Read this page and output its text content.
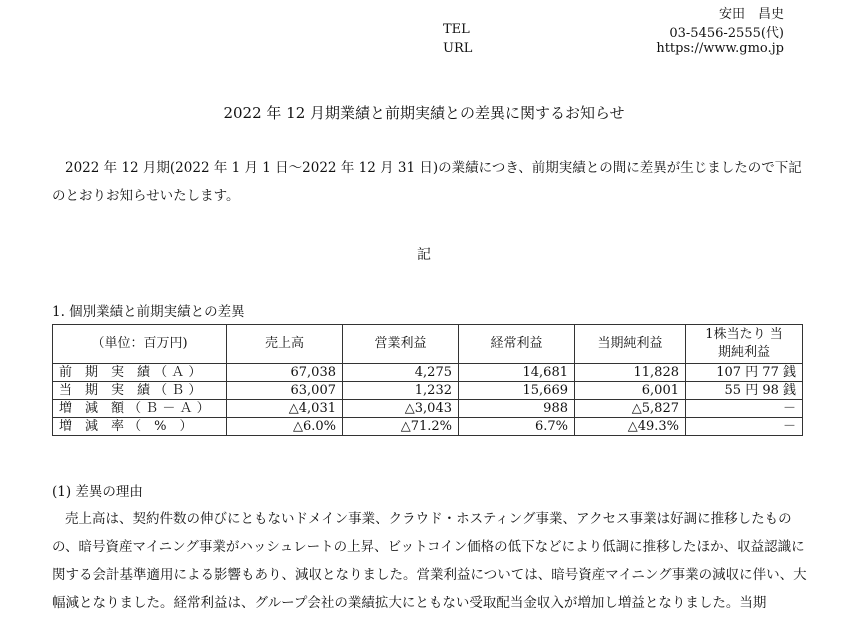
安田　昌史
TEL	03-5456-2555(代)
URL	https://www.gmo.jp
2022 年 12 月期業績と前期実績との差異に関するお知らせ
2022 年 12 月期(2022 年 1 月 1 日～2022 年 12 月 31 日)の業績につき、前期実績との間に差異が生じましたので下記のとおりお知らせいたします。
記
1. 個別業績と前期実績との差異
（単位：百万円)	売上高	営業利益	経常利益	当期純利益	1株当たり 当期純利益
前　期　実　績 （ Ａ ）	67,038	4,275	14,681	11,828	107 円 77 銭
当　期　実　績 （ Ｂ ）	63,007	1,232	15,669	6,001	55 円 98 銭
増　減　額 （ Ｂ － Ａ ）	△4,031	△3,043	988	△5,827	－
増　減　率 （　%　）	△6.0%	△71.2%	6.7%	△49.3%	－
(1) 差異の理由
売上高は、契約件数の伸びにともないドメイン事業、クラウド・ホスティング事業、アクセス事業は好調に推移したものの、暗号資産マイニング事業がハッシュレートの上昇、ビットコイン価格の低下などにより低調に推移したほか、収益認識に関する会計基準適用による影響もあり、減収となりました。営業利益については、暗号資産マイニング事業の減収に伴い、大幅減となりました。経常利益は、グループ会社の業績拡大にともない受取配当金収入が増加し増益となりました。当期
